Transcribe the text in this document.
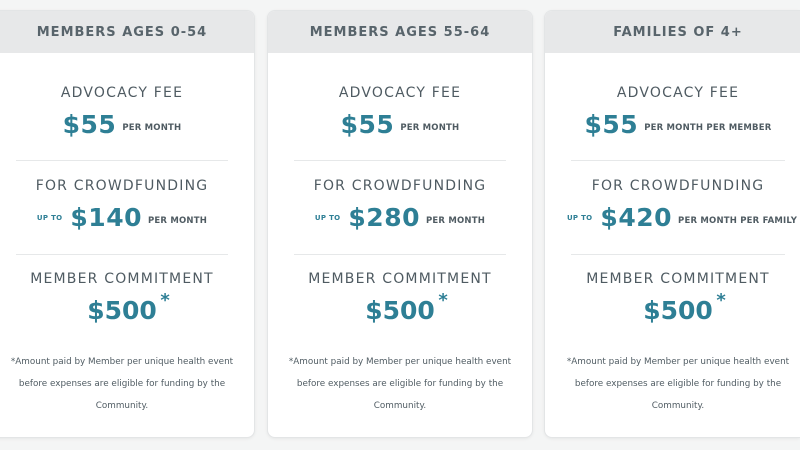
MEMBERS AGES 0-54
ADVOCACY FEE
$55 PER MONTH
FOR CROWDFUNDING
UP TO $140 PER MONTH
MEMBER COMMITMENT
$500 *
*Amount paid by Member per unique health event before expenses are eligible for funding by the Community.
MEMBERS AGES 55-64
ADVOCACY FEE
$55 PER MONTH
FOR CROWDFUNDING
UP TO $280 PER MONTH
MEMBER COMMITMENT
$500 *
*Amount paid by Member per unique health event before expenses are eligible for funding by the Community.
FAMILIES OF 4+
ADVOCACY FEE
$55 PER MONTH PER MEMBER
FOR CROWDFUNDING
UP TO $420 PER MONTH PER FAMILY
MEMBER COMMITMENT
$500 *
*Amount paid by Member per unique health event before expenses are eligible for funding by the Community.
